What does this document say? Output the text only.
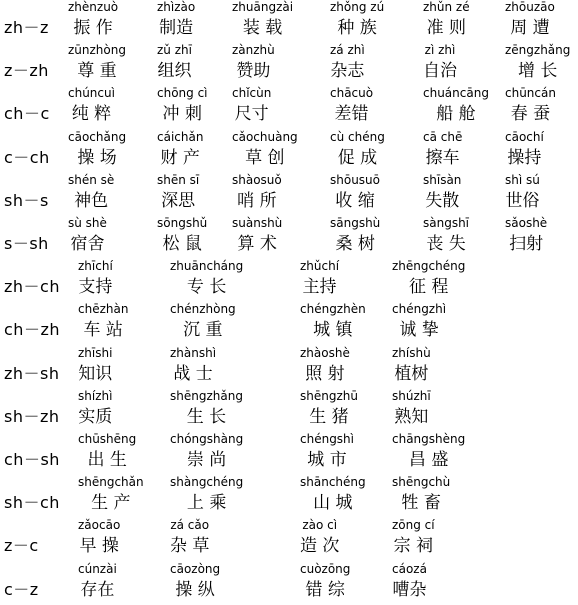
zh－z
zhènzuò
振 作
zhìzào
制造
zhuāngzài
装 载
zhǒng zú
种 族
zhǔn zé
准 则
zhōuzāo
周 遭
z－zh
zūnzhòng
尊 重
zǔ zhī
组织
zànzhù
赞助
zá zhì
杂志
zì zhì
自治
zēngzhǎng
增 长
ch－c
chúncuì
纯 粹
chōng cì
冲 刺
chǐcùn
尺寸
chācuò
差错
chuáncāng
船 舱
chūncán
春 蚕
c－ch
cāochǎng
操 场
cáichǎn
财 产
cǎochuàng
草 创
cù chéng
促 成
cā chē
擦车
cāochí
操持
sh－s
shén sè
神色
shēn sī
深思
shàosuǒ
哨 所
shōusuō
收 缩
shīsàn
失散
shì sú
世俗
s－sh
sù shè
宿舍
sōngshǔ
松 鼠
suànshù
算 术
sāngshù
桑 树
sàngshī
丧 失
sǎoshè
扫射
zh－ch
zhīchí
支持
zhuāncháng
专 长
zhǔchí
主持
zhēngchéng
征 程
ch－zh
chēzhàn
车 站
chénzhòng
沉 重
chéngzhèn
城 镇
chéngzhì
诚 挚
zh－sh
zhīshi
知识
zhànshì
战 士
zhàoshè
照 射
zhíshù
植树
sh－zh
shízhì
实质
shēngzhǎng
生 长
shēngzhū
生 猪
shúzhī
熟知
ch－sh
chūshēng
出 生
chóngshàng
崇 尚
chéngshì
城 市
chāngshèng
昌 盛
sh－ch
shēngchǎn
生 产
shàngchéng
上 乘
shānchéng
山 城
shēngchù
牲 畜
z－c
zǎocāo
早 操
zá cǎo
杂 草
zào cì
造 次
zōng cí
宗 祠
c－z
cúnzài
存在
cāozòng
操 纵
cuòzōng
错 综
cáozá
嘈杂
